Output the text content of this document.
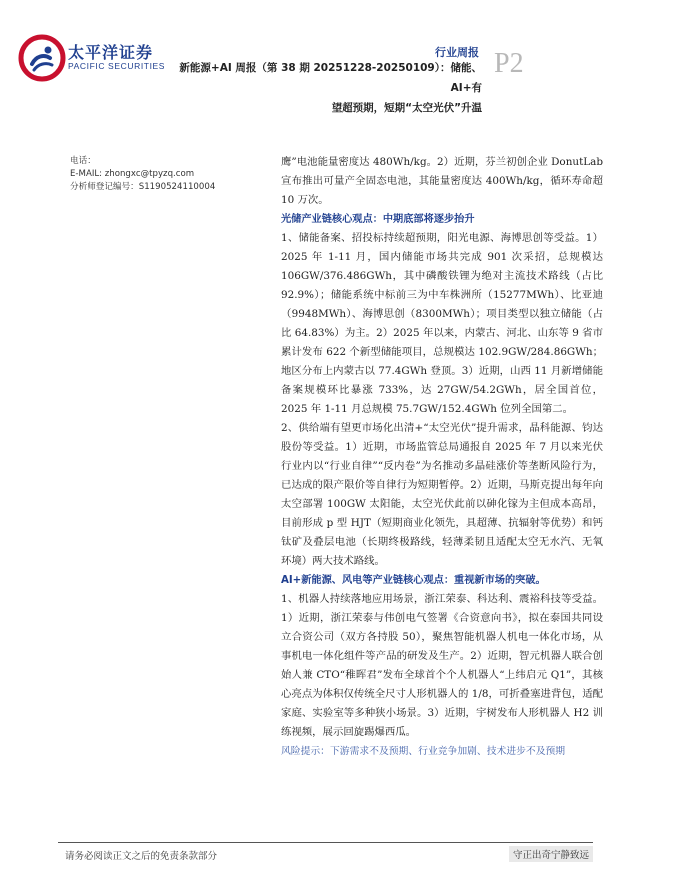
太平洋证券
PACIFIC SECURITIES
行业周报
新能源+AI 周报（第 38 期 20251228-20250109）：储能、AI+有
望超预期，短期“太空光伏”升温
P2
电话：
E-MAIL: zhongxc@tpyzq.com
分析师登记编号：S1190524110004

鹰”电池能量密度达 480Wh/kg。2）近期，芬兰初创企业 DonutLab 宣布推出可量产全固态电池，其能量密度达 400Wh/kg，循环寿命超 10 万次。

光储产业链核心观点：中期底部将逐步抬升

1、储能备案、招投标持续超预期，阳光电源、海博思创等受益。1）2025 年 1-11 月，国内储能市场共完成 901 次采招，总规模达 106GW/376.486GWh，其中磷酸铁锂为绝对主流技术路线（占比 92.9%）；储能系统中标前三为中车株洲所（15277MWh）、比亚迪（9948MWh）、海博思创（8300MWh）；项目类型以独立储能（占比 64.83%）为主。2）2025 年以来，内蒙古、河北、山东等 9 省市累计发布 622 个新型储能项目，总规模达 102.9GW/284.86GWh；地区分布上内蒙古以 77.4GWh 登顶。3）近期，山西 11 月新增储能备案规模环比暴涨 733%，达 27GW/54.2GWh，居全国首位，2025 年 1-11 月总规模 75.7GW/152.4GWh 位列全国第二。

2、供给端有望更市场化出清+“太空光伏”提升需求，晶科能源、钧达股份等受益。1）近期，市场监管总局通报自 2025 年 7 月以来光伏行业内以“行业自律”“反内卷”为名推动多晶硅涨价等垄断风险行为，已达成的限产限价等自律行为短期暂停。2）近期，马斯克提出每年向太空部署 100GW 太阳能，太空光伏此前以砷化镓为主但成本高昂，目前形成 p 型 HJT（短期商业化领先，具超薄、抗辐射等优势）和钙钛矿及叠层电池（长期终极路线，轻薄柔韧且适配太空无水汽、无氧环境）两大技术路线。

AI+新能源、风电等产业链核心观点：重视新市场的突破。

1、机器人持续落地应用场景，浙江荣泰、科达利、震裕科技等受益。1）近期，浙江荣泰与伟创电气签署《合资意向书》，拟在泰国共同设立合资公司（双方各持股 50），聚焦智能机器人机电一体化市场，从事机电一体化组件等产品的研发及生产。2）近期，智元机器人联合创始人兼 CTO“稚晖君”发布全球首个个人机器人“上纬启元 Q1”，其核心亮点为体积仅传统全尺寸人形机器人的 1/8，可折叠塞进背包，适配家庭、实验室等多种狭小场景。3）近期，宇树发布人形机器人 H2 训练视频，展示回旋踢爆西瓜。

风险提示：下游需求不及预期、行业竞争加剧、技术进步不及预期

请务必阅读正文之后的免责条款部分	守正出奇宁静致远
